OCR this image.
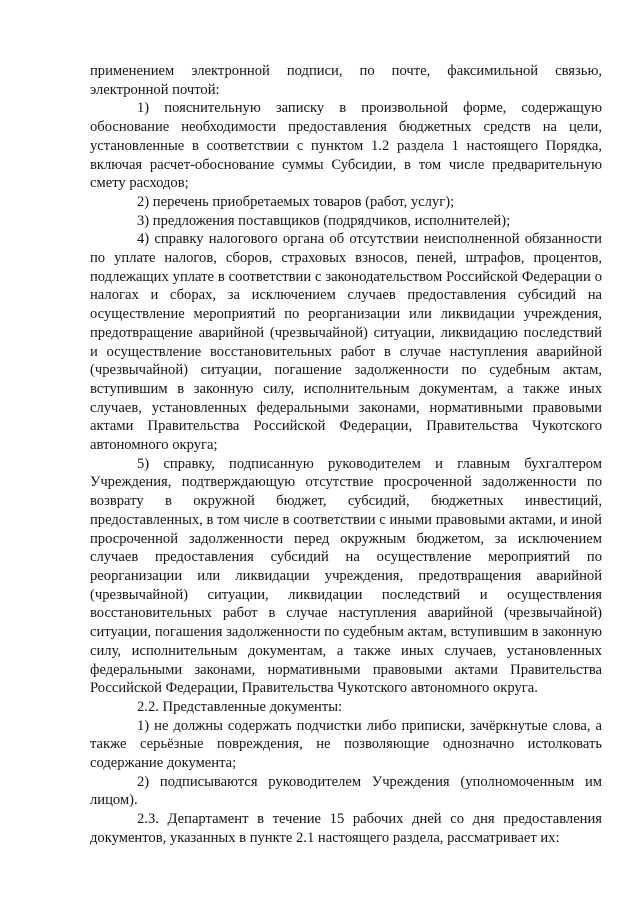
применением электронной подписи, по почте, факсимильной связью, электронной почтой:

1) пояснительную записку в произвольной форме, содержащую обоснование необходимости предоставления бюджетных средств на цели, установленные в соответствии с пунктом 1.2 раздела 1 настоящего Порядка, включая расчет-обоснование суммы Субсидии, в том числе предварительную смету расходов;

2) перечень приобретаемых товаров (работ, услуг);

3) предложения поставщиков (подрядчиков, исполнителей);

4) справку налогового органа об отсутствии неисполненной обязанности по уплате налогов, сборов, страховых взносов, пеней, штрафов, процентов, подлежащих уплате в соответствии с законодательством Российской Федерации о налогах и сборах, за исключением случаев предоставления субсидий на осуществление мероприятий по реорганизации или ликвидации учреждения, предотвращение аварийной (чрезвычайной) ситуации, ликвидацию последствий и осуществление восстановительных работ в случае наступления аварийной (чрезвычайной) ситуации, погашение задолженности по судебным актам, вступившим в законную силу, исполнительным документам, а также иных случаев, установленных федеральными законами, нормативными правовыми актами Правительства Российской Федерации, Правительства Чукотского автономного округа;

5) справку, подписанную руководителем и главным бухгалтером Учреждения, подтверждающую отсутствие просроченной задолженности по возврату в окружной бюджет, субсидий, бюджетных инвестиций, предоставленных, в том числе в соответствии с иными правовыми актами, и иной просроченной задолженности перед окружным бюджетом, за исключением случаев предоставления субсидий на осуществление мероприятий по реорганизации или ликвидации учреждения, предотвращения аварийной (чрезвычайной) ситуации, ликвидации последствий и осуществления восстановительных работ в случае наступления аварийной (чрезвычайной) ситуации, погашения задолженности по судебным актам, вступившим в законную силу, исполнительным документам, а также иных случаев, установленных федеральными законами, нормативными правовыми актами Правительства Российской Федерации, Правительства Чукотского автономного округа.

2.2. Представленные документы:

1) не должны содержать подчистки либо приписки, зачёркнутые слова, а также серьёзные повреждения, не позволяющие однозначно истолковать содержание документа;

2) подписываются руководителем Учреждения (уполномоченным им лицом).

2.3. Департамент в течение 15 рабочих дней со дня предоставления документов, указанных в пункте 2.1 настоящего раздела, рассматривает их:
